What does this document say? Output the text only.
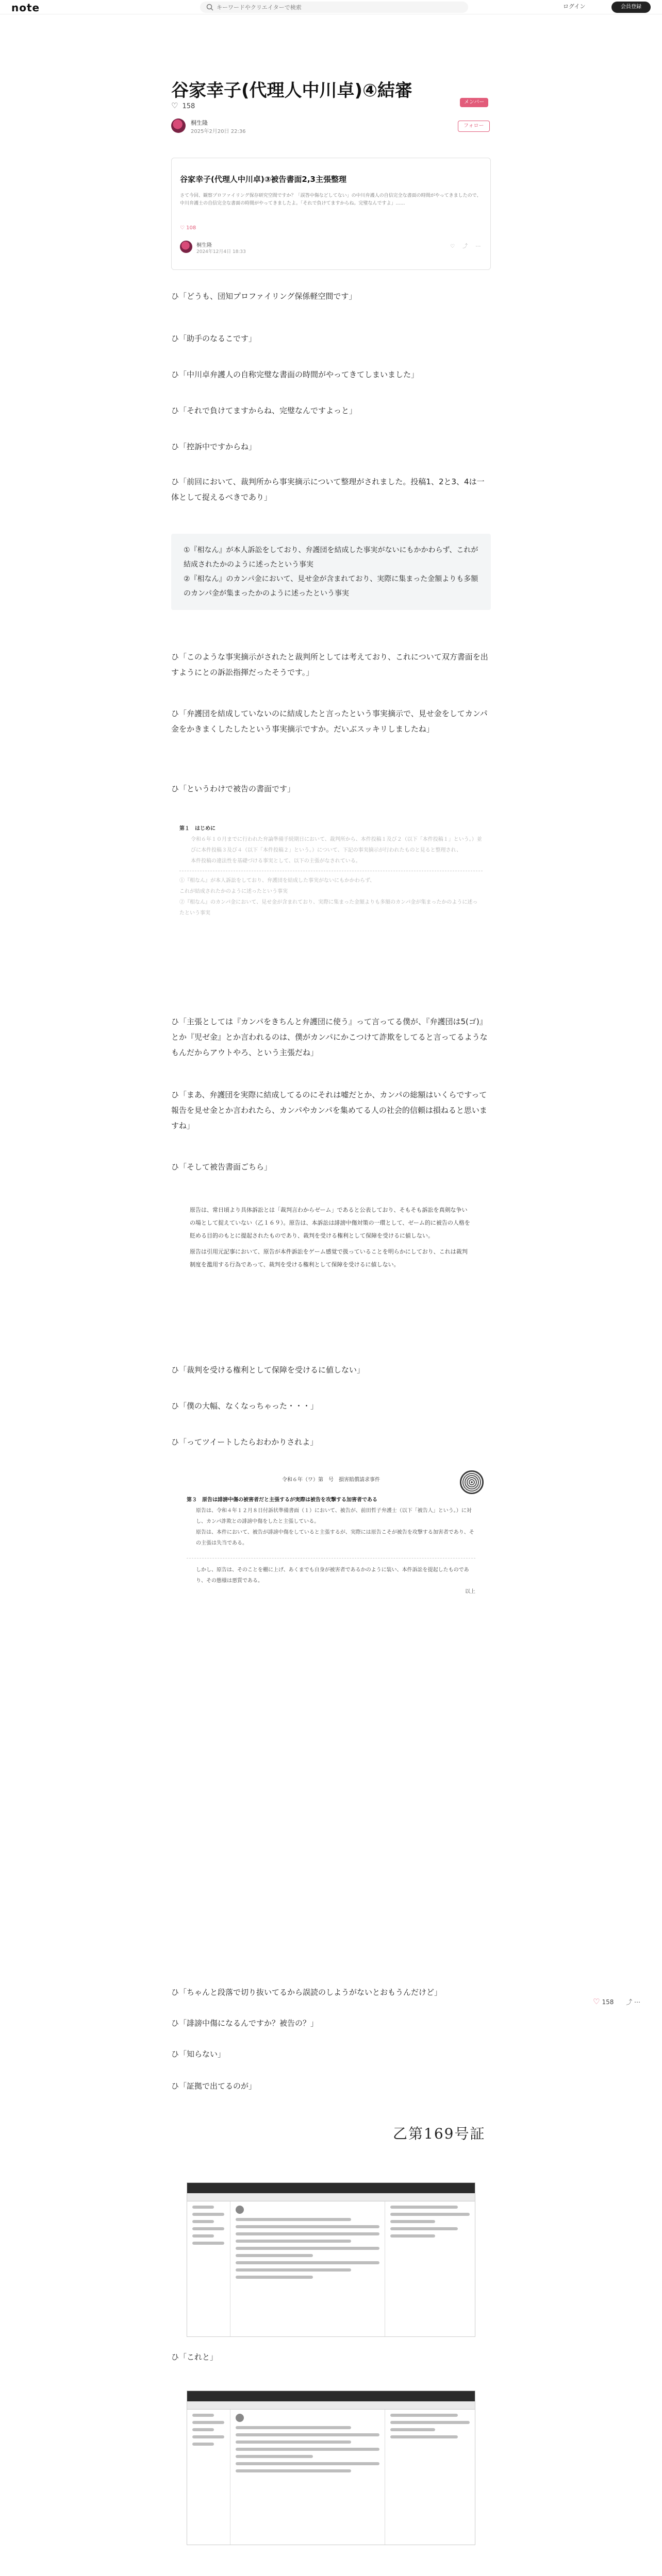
note
キーワードやクリエイターで検索	ログイン	会員登録
谷家幸子(代理人中川卓)④結審
♡ 158
メンバー
桐生隆
2025年2月20日 22:36
フォロー
谷家幸子(代理人中川卓)③被告書面2,3主張整理
さて今回、観察プロファイリング保存研究空間ですか？「誤答中傷などしてない」の中川弁護人の自信完全な書面の時間がやってきましたので、中川弁護士の自信完全な書面の時間がやってきましたよ。「それで負けてますからね。完璧なんですよ」……
♡ 108
桐生隆
2024年12月4日 18:33
♡ ⤴ ⋯

ひ「どうも、団知プロファイリング保係軽空間です」

ひ「助手のなるこです」

ひ「中川卓弁護人の自称完璧な書面の時間がやってきてしまいました」

ひ「それで負けてますからね、完璧なんですよっと」

ひ「控訴中ですからね」

ひ「前回において、裁判所から事実摘示について整理がされました。投稿1、2と3、4は一体として捉えるべきであり」

①『相なん』が本人訴訟をしており、弁護団を結成した事実がないにもかかわらず、これが結成されたかのように述ったという事実
②『相なん』のカンパ金において、見せ金が含まれており、実際に集まった金額よりも多額のカンパ金が集まったかのように述ったという事実

ひ「このような事実摘示がされたと裁判所としては考えており、これについて双方書面を出すようにとの訴訟指揮だったそうです。」

ひ「弁護団を結成していないのに結成したと言ったという事実摘示で、見せ金をしてカンパ金をかきまくしたしたという事実摘示ですか。だいぶスッキリしましたね」

ひ「というわけで被告の書面です」

第１　はじめに
令和６年１０月までに行われた弁論準備手続期日において、裁判所から、本件投稿１及び２（以下「本件投稿１」という。）並びに本件投稿３及び４（以下「本件投稿２」という。）について、下記の事実摘示が行われたものと見ると整理され、
本件投稿の違法性を基礎づける事実として、以下の主張がなされている。
①『相なん』が本人訴訟をしており、弁護団を結成した事実がないにもかかわらず、
これが結成されたかのように述ったという事実
②『相なん』のカンパ金において、見せ金が含まれており、実際に集まった金額よりも多額のカンパ金が集まったかのように述ったという事実

ひ「主張としては『カンパをきちんと弁護団に使う』って言ってる僕が、『弁護団は5(ゴ)』とか『児ゼ金』とか言われるのは、僕がカンパにかこつけて詐欺をしてると言ってるようなもんだからアウトやろ、という主張だね」

ひ「まあ、弁護団を実際に結成してるのにそれは嘘だとか、カンパの総額はいくらですって報告を見せ金とか言われたら、カンパやカンパを集めてる人の社会的信頼は損ねると思いますね」

ひ「そして被告書面ごちら」

原告は、常日頃より具体訴訟とは「裁判言わからゼーム」であると公表しており、そもそも訴訟を真剣な争いの場として捉えていない（乙１６９）。原告は、本訴訟は誹謗中傷対策の一環として、ゼーム的に被告の人格を貶める目的のもとに提起されたものであり、裁判を受ける権利として保障を受けるに値しない。
原告は引用元記事において、原告が本件訴訟をゲーム感覚で扱っていることを明らかにしており、これは裁判制度を濫用する行為であって、裁判を受ける権利として保障を受けるに値しない。

ひ「裁判を受ける権利として保障を受けるに値しない」

ひ「僕の大幅、なくなっちゃった・・・」

ひ「ってツイートしたらおわかりされよ」

令和６年（ワ）第　号　損害賠償請求事件
第３　原告は誹謗中傷の被害者だと主張するが実際は被告を攻撃する加害者である
原告は、令和４年１２月８日付訴状準備書面（１）において、被告が、前田哲子弁護士（以下「被告人」という。）に対し、カンパ詐欺との誹謗中傷をしたと主張している。
原告は、本件において、被告が誹謗中傷をしていると主張するが、実際には原告こそが被告を攻撃する加害者であり、その主張は失当である。
しかし、原告は、そのことを棚に上げ、あくまでも自身が被害者であるかのように装い、本件訴訟を提起したものであり、その態様は悪質である。
以上

ひ「ちゃんと段落で切り抜いてるから誤読のしようがないとおもうんだけど」

ひ「誹謗中傷になるんですか？被告の？」

ひ「知らない」

ひ「証拠で出てるのが」

乙第169号証

ひ「これと」

♡ 158 ⤴ ⋯
